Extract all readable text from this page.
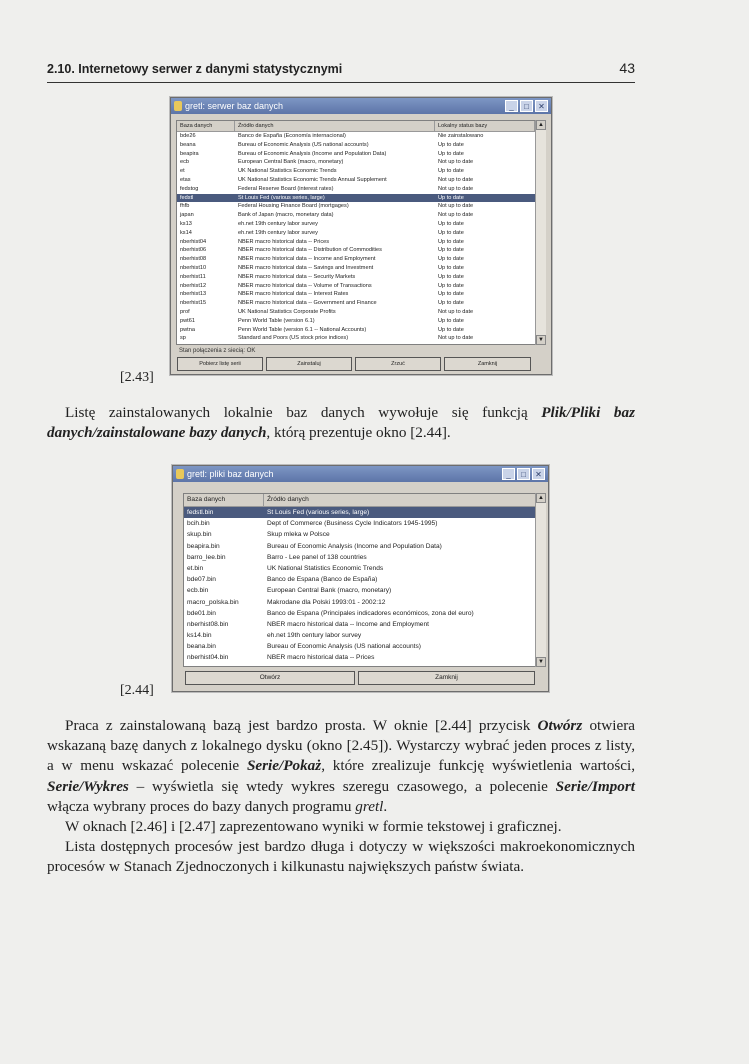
2.10. Internetowy serwer z danymi statystycznymi	43
gretl: serwer baz danych	_	□	✕
Baza danych	Źródło danych	Lokalny status bazy
bde26	Banco de España (Economía internacional)	Nie zainstalowano
beana	Bureau of Economic Analysis (US national accounts)	Up to date
beapira	Bureau of Economic Analysis (Income and Population Data)	Up to date
ecb	European Central Bank (macro, monetary)	Not up to date
et	UK National Statistics Economic Trends	Up to date
etas	UK National Statistics Economic Trends Annual Supplement	Not up to date
fedstog	Federal Reserve Board (interest rates)	Not up to date
fedstl	St Louis Fed (various series, large)	Up to date
fhfb	Federal Housing Finance Board (mortgages)	Not up to date
japan	Bank of Japan (macro, monetary data)	Not up to date
ks13	eh.net 19th century labor survey	Up to date
ks14	eh.net 19th century labor survey	Up to date
nberhist04	NBER macro historical data -- Prices	Up to date
nberhist06	NBER macro historical data -- Distribution of Commodities	Up to date
nberhist08	NBER macro historical data -- Income and Employment	Up to date
nberhist10	NBER macro historical data -- Savings and Investment	Up to date
nberhist11	NBER macro historical data -- Security Markets	Up to date
nberhist12	NBER macro historical data -- Volume of Transactions	Up to date
nberhist13	NBER macro historical data -- Interest Rates	Up to date
nberhist15	NBER macro historical data -- Government and Finance	Up to date
prof	UK National Statistics Corporate Profits	Not up to date
pwt61	Penn World Table (version 6.1)	Up to date
pwtna	Penn World Table (version 6.1 -- National Accounts)	Up to date
sp	Standard and Poors (US stock price indices)	Not up to date
▲
▼
Stan połączenia z siecią: OK
Pobierz listę serii	Zainstaluj	Zrzuć	Zamknij
[2.43]

Listę zainstalowanych lokalnie baz danych wywołuje się funkcją Plik/Pliki baz danych/zainstalowane bazy danych, którą prezentuje okno [2.44].

gretl: pliki baz danych	_	□	✕
Baza danych	Źródło danych
fedstl.bin	St Louis Fed (various series, large)
bcih.bin	Dept of Commerce (Business Cycle Indicators 1945-1995)
skup.bin	Skup mleka w Polsce
beapira.bin	Bureau of Economic Analysis (Income and Population Data)
barro_lee.bin	Barro - Lee panel of 138 countries
et.bin	UK National Statistics Economic Trends
bde07.bin	Banco de Espana (Banco de España)
ecb.bin	European Central Bank (macro, monetary)
macro_polska.bin	Makrodane dla Polski 1993:01 - 2002:12
bde01.bin	Banco de Espana (Principales indicadores económicos, zona del euro)
nberhist08.bin	NBER macro historical data -- Income and Employment
ks14.bin	eh.net 19th century labor survey
beana.bin	Bureau of Economic Analysis (US national accounts)
nberhist04.bin	NBER macro historical data -- Prices
▲
▼
Otwórz	Zamknij
[2.44]

Praca z zainstalowaną bazą jest bardzo prosta. W oknie [2.44] przycisk Otwórz otwiera wskazaną bazę danych z lokalnego dysku (okno [2.45]). Wystarczy wybrać jeden proces z listy, a w menu wskazać polecenie Serie/Pokaż, które zrealizuje funkcję wyświetlenia wartości, Serie/Wykres – wyświetla się wtedy wykres szeregu czasowego, a polecenie Serie/Import włącza wybrany proces do bazy danych programu gretl.

W oknach [2.46] i [2.47] zaprezentowano wyniki w formie tekstowej i graficznej.

Lista dostępnych procesów jest bardzo długa i dotyczy w większości makroekonomicznych procesów w Stanach Zjednoczonych i kilkunastu największych państw świata.
